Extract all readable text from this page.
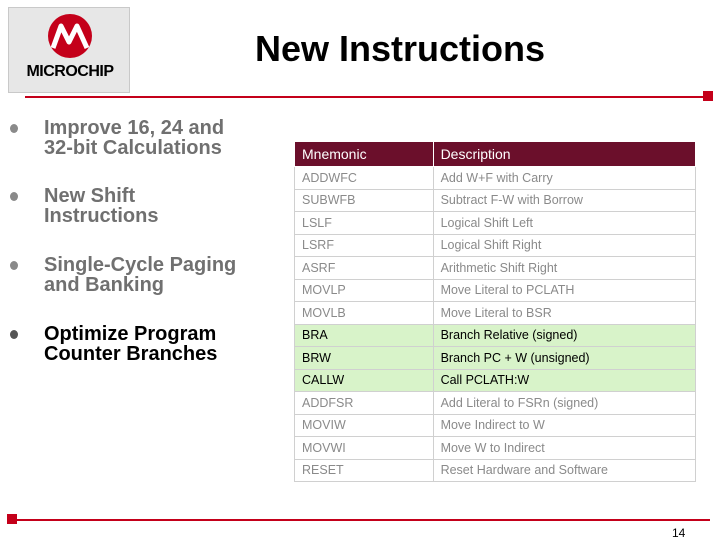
MICROCHIP
New Instructions
Improve 16, 24 and
32-bit Calculations
New Shift
Instructions
Single-Cycle Paging
and Banking
Optimize Program
Counter Branches
Mnemonic	Description
ADDWFC	Add W+F with Carry
SUBWFB	Subtract F-W with Borrow
LSLF	Logical Shift Left
LSRF	Logical Shift Right
ASRF	Arithmetic Shift Right
MOVLP	Move Literal to PCLATH
MOVLB	Move Literal to BSR
BRA	Branch Relative (signed)
BRW	Branch PC + W (unsigned)
CALLW	Call PCLATH:W
ADDFSR	Add Literal to FSRn (signed)
MOVIW	Move Indirect to W
MOVWI	Move W to Indirect
RESET	Reset Hardware and Software
14
